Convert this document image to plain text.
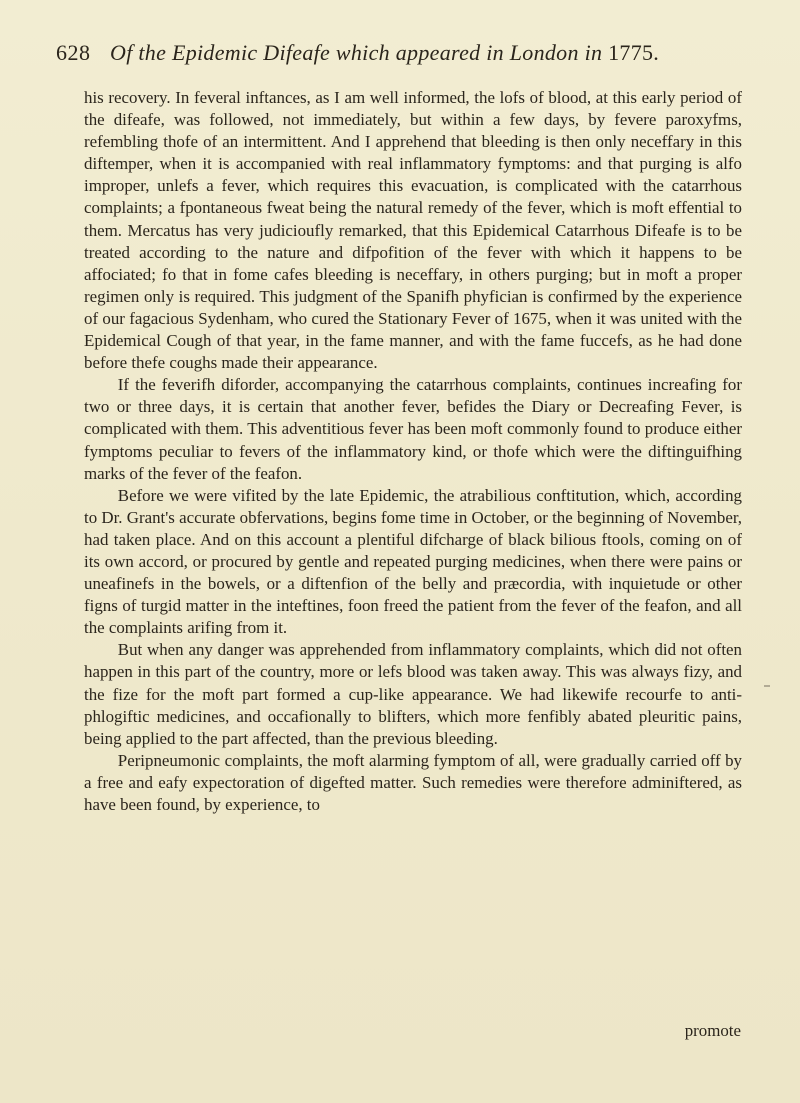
628 Of the Epidemic Difeafe which appeared in London in 1775.

his recovery. In feveral inftances, as I am well informed, the lofs of blood, at this early period of the difeafe, was followed, not immediately, but within a few days, by fevere paroxyfms, refembling thofe of an intermittent. And I apprehend that bleeding is then only neceffary in this diftemper, when it is accompanied with real inflammatory fymptoms: and that purging is alfo improper, unlefs a fever, which requires this evacuation, is complicated with the catarrhous complaints; a fpontaneous fweat being the natural remedy of the fever, which is moft effential to them. Mercatus has very judicioufly remarked, that this Epidemical Catarrhous Difeafe is to be treated according to the nature and difpofition of the fever with which it happens to be affociated; fo that in fome cafes bleeding is neceffary, in others purging; but in moft a proper regimen only is required. This judgment of the Spanifh phyfician is confirmed by the experience of our fagacious Sydenham, who cured the Stationary Fever of 1675, when it was united with the Epidemical Cough of that year, in the fame manner, and with the fame fuccefs, as he had done before thefe coughs made their appearance.

If the feverifh diforder, accompanying the catarrhous complaints, continues increafing for two or three days, it is certain that another fever, befides the Diary or Decreafing Fever, is complicated with them. This adventitious fever has been moft commonly found to produce either fymptoms peculiar to fevers of the inflammatory kind, or thofe which were the diftinguifhing marks of the fever of the feafon.

Before we were vifited by the late Epidemic, the atrabilious conftitution, which, according to Dr. Grant's accurate obfervations, begins fome time in October, or the beginning of November, had taken place. And on this account a plentiful difcharge of black bilious ftools, coming on of its own accord, or procured by gentle and repeated purging medicines, when there were pains or uneafinefs in the bowels, or a diftenfion of the belly and præcordia, with inquietude or other figns of turgid matter in the inteftines, foon freed the patient from the fever of the feafon, and all the complaints arifing from it.

But when any danger was apprehended from inflammatory complaints, which did not often happen in this part of the country, more or lefs blood was taken away. This was always fizy, and the fize for the moft part formed a cup-like appearance. We had likewife recourfe to anti-phlogiftic medicines, and occafionally to blifters, which more fenfibly abated pleuritic pains, being applied to the part affected, than the previous bleeding.

Peripneumonic complaints, the moft alarming fymptom of all, were gradually carried off by a free and eafy expectoration of digefted matter. Such remedies were therefore adminiftered, as have been found, by experience, to

promote
